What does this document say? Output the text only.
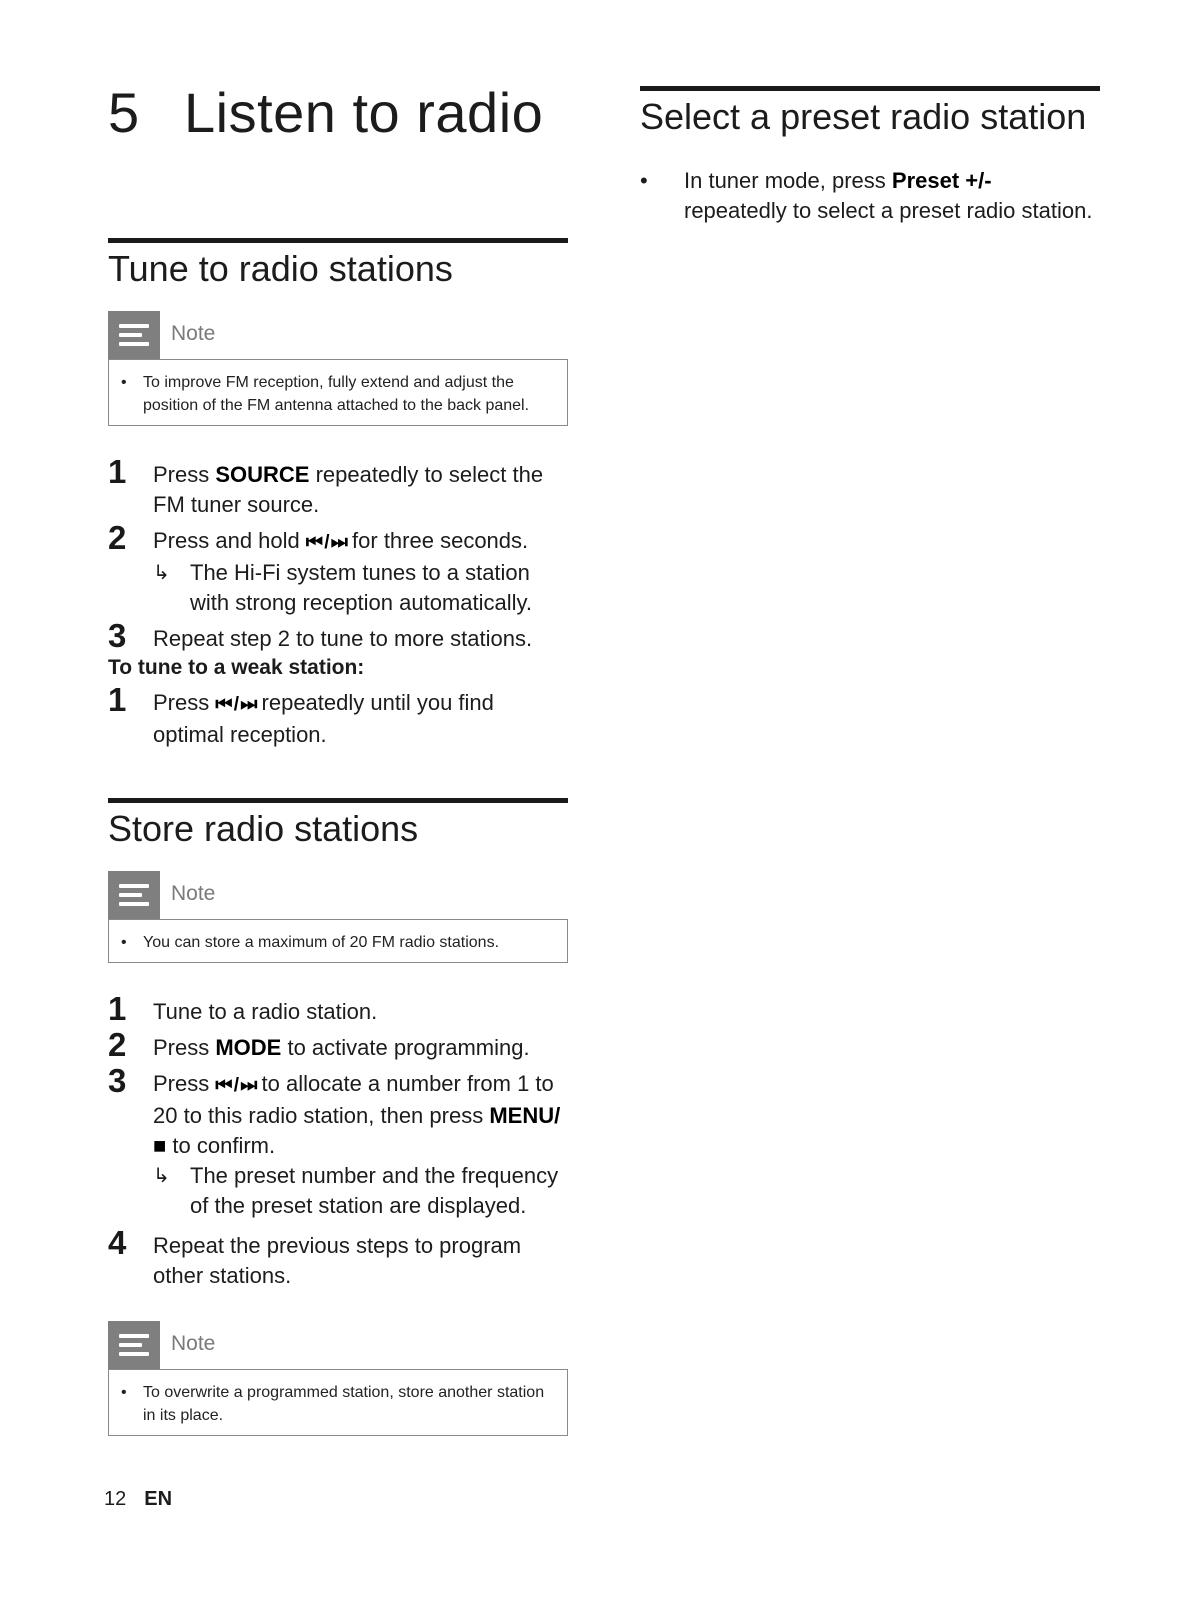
5 Listen to radio
Tune to radio stations
Note
• To improve FM reception, fully extend and adjust the position of the FM antenna attached to the back panel.
1 Press SOURCE repeatedly to select the FM tuner source.
2 Press and hold ⏮ / ⏭ for three seconds.
↳ The Hi-Fi system tunes to a station with strong reception automatically.
3 Repeat step 2 to tune to more stations.
To tune to a weak station:
1 Press ⏮ / ⏭ repeatedly until you find optimal reception.
Store radio stations
Note
• You can store a maximum of 20 FM radio stations.
1 Tune to a radio station.
2 Press MODE to activate programming.
3 Press ⏮ / ⏭ to allocate a number from 1 to 20 to this radio station, then press MENU/ ■ to confirm.
↳ The preset number and the frequency of the preset station are displayed.
4 Repeat the previous steps to program other stations.
Note
• To overwrite a programmed station, store another station in its place.
Select a preset radio station
• In tuner mode, press Preset +/- repeatedly to select a preset radio station.
12 EN
